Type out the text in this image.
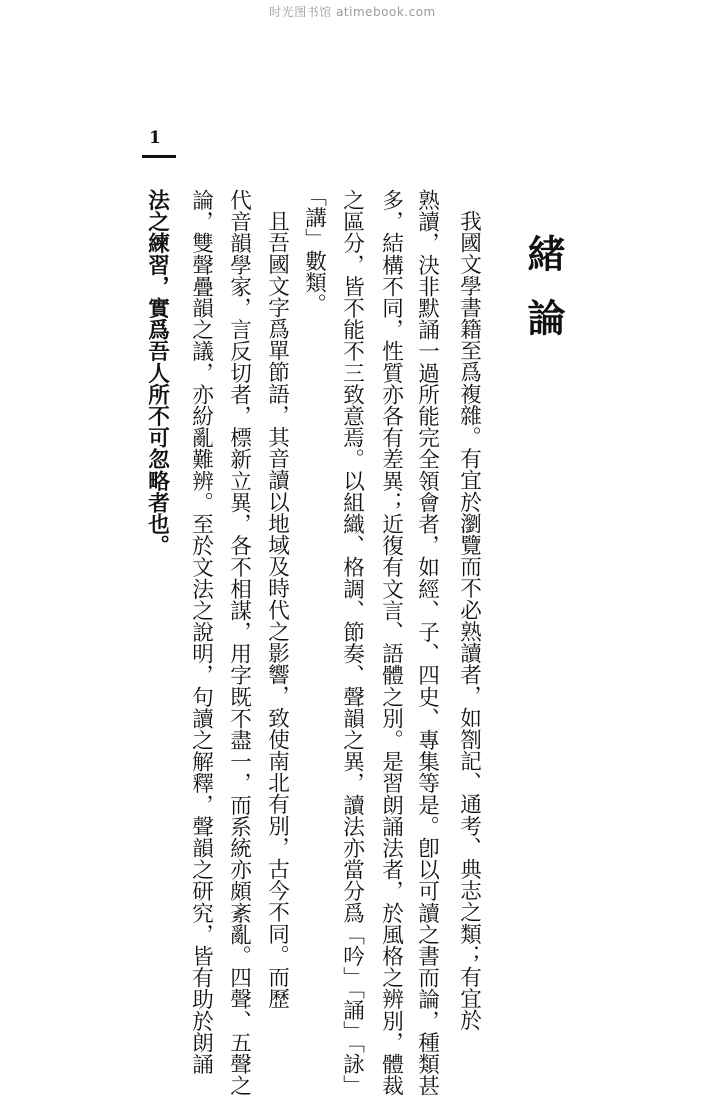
时光图书馆 atimebook.com
1
緒論
我國文學書籍至爲複雜。有宜於瀏覽而不必熟讀者，如劄記、通考、典志之類；有宜於
熟讀，決非默誦一過所能完全領會者，如經、子、四史、專集等是。卽以可讀之書而論，種類甚
多，結構不同，性質亦各有差異；近復有文言、語體之別。是習朗誦法者，於風格之辨別，體裁
之區分，皆不能不三致意焉。以組織、格調、節奏、聲韻之異，讀法亦當分爲「吟」「誦」「詠」
「講」數類。
且吾國文字爲單節語，其音讀以地域及時代之影響，致使南北有別，古今不同。而歷
代音韻學家，言反切者，標新立異，各不相謀，用字既不盡一，而系統亦頗紊亂。四聲、五聲之
論，雙聲疊韻之議，亦紛亂難辨。至於文法之說明，句讀之解釋，聲韻之研究，皆有助於朗誦
法之練習，實爲吾人所不可忽略者也。
